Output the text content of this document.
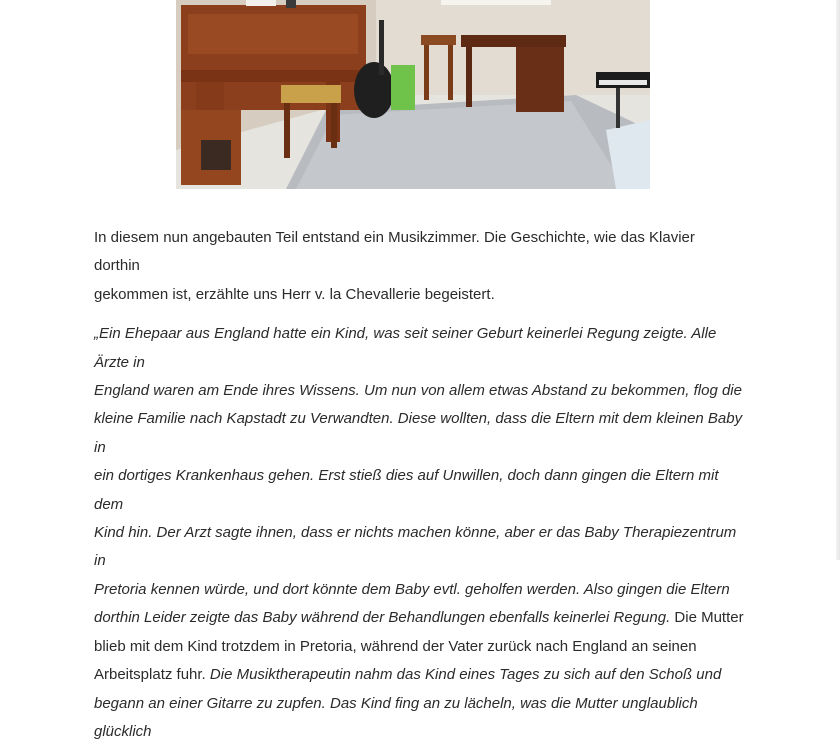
In diesem nun angebauten Teil entstand ein Musikzimmer. Die Geschichte, wie das Klavier dorthin
gekommen ist, erzählte uns Herr v. la Chevallerie begeistert.

„Ein Ehepaar aus England hatte ein Kind, was seit seiner Geburt keinerlei Regung zeigte. Alle Ärzte in
England waren am Ende ihres Wissens. Um nun von allem etwas Abstand zu bekommen, flog die
kleine Familie nach Kapstadt zu Verwandten. Diese wollten, dass die Eltern mit dem kleinen Baby in
ein dortiges Krankenhaus gehen. Erst stieß dies auf Unwillen, doch dann gingen die Eltern mit dem
Kind hin. Der Arzt sagte ihnen, dass er nichts machen könne, aber er das Baby Therapiezentrum in
Pretoria kennen würde, und dort könnte dem Baby evtl. geholfen werden. Also gingen die Eltern
dorthin Leider zeigte das Baby während der Behandlungen ebenfalls keinerlei Regung. Die Mutter
blieb mit dem Kind trotzdem in Pretoria, während der Vater zurück nach England an seinen
Arbeitsplatz fuhr. Die Musiktherapeutin nahm das Kind eines Tages zu sich auf den Schoß und
begann an einer Gitarre zu zupfen. Das Kind fing an zu lächeln, was die Mutter unglaublich glücklich
